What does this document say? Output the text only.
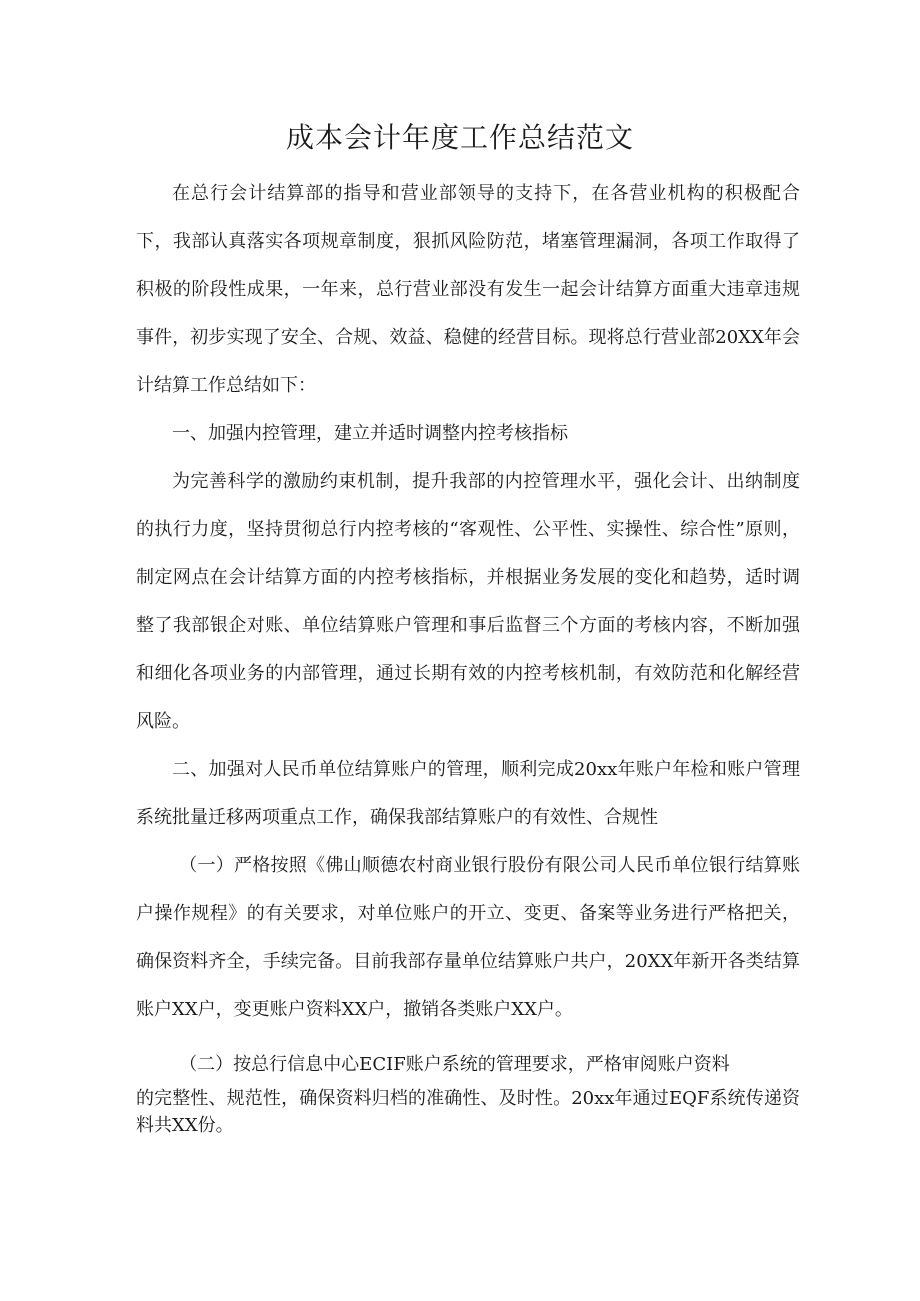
成本会计年度工作总结范文

在总行会计结算部的指导和营业部领导的支持下，在各营业机构的积极配合下，我部认真落实各项规章制度，狠抓风险防范，堵塞管理漏洞，各项工作取得了积极的阶段性成果，一年来，总行营业部没有发生一起会计结算方面重大违章违规事件，初步实现了安全、合规、效益、稳健的经营目标。现将总行营业部20XX年会计结算工作总结如下：

一、加强内控管理，建立并适时调整内控考核指标

为完善科学的激励约束机制，提升我部的内控管理水平，强化会计、出纳制度的执行力度，坚持贯彻总行内控考核的“客观性、公平性、实操性、综合性”原则，制定网点在会计结算方面的内控考核指标，并根据业务发展的变化和趋势，适时调整了我部银企对账、单位结算账户管理和事后监督三个方面的考核内容，不断加强和细化各项业务的内部管理，通过长期有效的内控考核机制，有效防范和化解经营风险。

二、加强对人民币单位结算账户的管理，顺利完成20xx年账户年检和账户管理系统批量迁移两项重点工作，确保我部结算账户的有效性、合规性

（一）严格按照《佛山顺德农村商业银行股份有限公司人民币单位银行结算账户操作规程》的有关要求，对单位账户的开立、变更、备案等业务进行严格把关，确保资料齐全，手续完备。目前我部存量单位结算账户共户，20XX年新开各类结算账户XX户，变更账户资料XX户，撤销各类账户XX户。

（二）按总行信息中心ECIF账户系统的管理要求，严格审阅账户资料
的完整性、规范性，确保资料归档的准确性、及时性。20xx年通过EQF系统传递资料共XX份。
